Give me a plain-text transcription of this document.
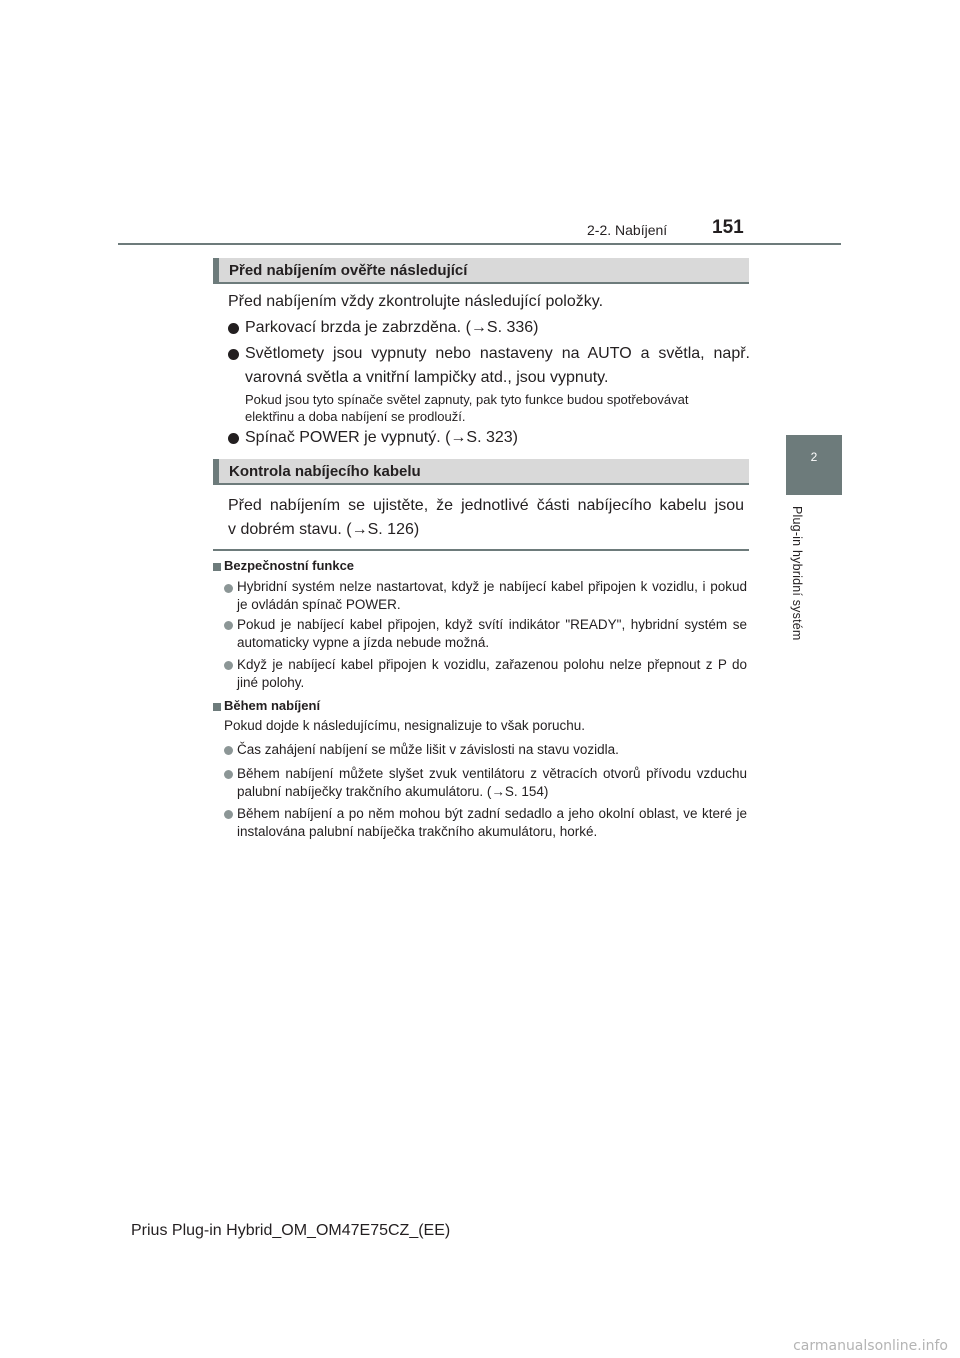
2-2. Nabíjení 151
2
Plug-in hybridní systém
Před nabíjením ověřte následující
Před nabíjením vždy zkontrolujte následující položky.
Parkovací brzda je zabrzděna. (→S. 336)
Světlomety jsou vypnuty nebo nastaveny na AUTO a světla, např.
varovná světla a vnitřní lampičky atd., jsou vypnuty.
Pokud jsou tyto spínače světel zapnuty, pak tyto funkce budou spotřebovávat
elektřinu a doba nabíjení se prodlouží.
Spínač POWER je vypnutý. (→S. 323)
Kontrola nabíjecího kabelu
Před nabíjením se ujistěte, že jednotlivé části nabíjecího kabelu jsou
v dobrém stavu. (→S. 126)
Bezpečnostní funkce
Hybridní systém nelze nastartovat, když je nabíjecí kabel připojen k vozidlu, i pokud je ovládán spínač POWER.
Pokud je nabíjecí kabel připojen, když svítí indikátor "READY", hybridní systém se automaticky vypne a jízda nebude možná.
Když je nabíjecí kabel připojen k vozidlu, zařazenou polohu nelze přepnout z P do jiné polohy.
Během nabíjení
Pokud dojde k následujícímu, nesignalizuje to však poruchu.
Čas zahájení nabíjení se může lišit v závislosti na stavu vozidla.
Během nabíjení můžete slyšet zvuk ventilátoru z větracích otvorů přívodu vzduchu palubní nabíječky trakčního akumulátoru. (→S. 154)
Během nabíjení a po něm mohou být zadní sedadlo a jeho okolní oblast, ve které je instalována palubní nabíječka trakčního akumulátoru, horké.
Prius Plug-in Hybrid_OM_OM47E75CZ_(EE)
carmanualsonline.info
